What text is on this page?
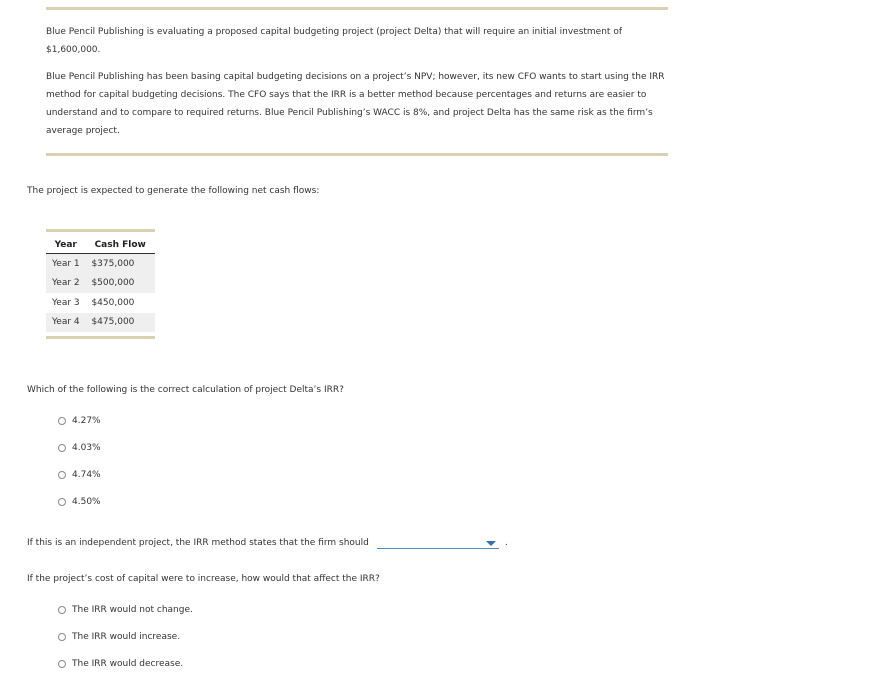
Blue Pencil Publishing is evaluating a proposed capital budgeting project (project Delta) that will require an initial investment of $1,600,000.

Blue Pencil Publishing has been basing capital budgeting decisions on a project’s NPV; however, its new CFO wants to start using the IRR method for capital budgeting decisions. The CFO says that the IRR is a better method because percentages and returns are easier to understand and to compare to required returns. Blue Pencil Publishing’s WACC is 8%, and project Delta has the same risk as the firm’s average project.

The project is expected to generate the following net cash flows:

Year	Cash Flow
Year 1	$375,000
Year 2	$500,000
Year 3	$450,000
Year 4	$475,000

Which of the following is the correct calculation of project Delta’s IRR?

4.27%
4.03%
4.74%
4.50%

If this is an independent project, the IRR method states that the firm should	.

If the project’s cost of capital were to increase, how would that affect the IRR?

The IRR would not change.
The IRR would increase.
The IRR would decrease.
